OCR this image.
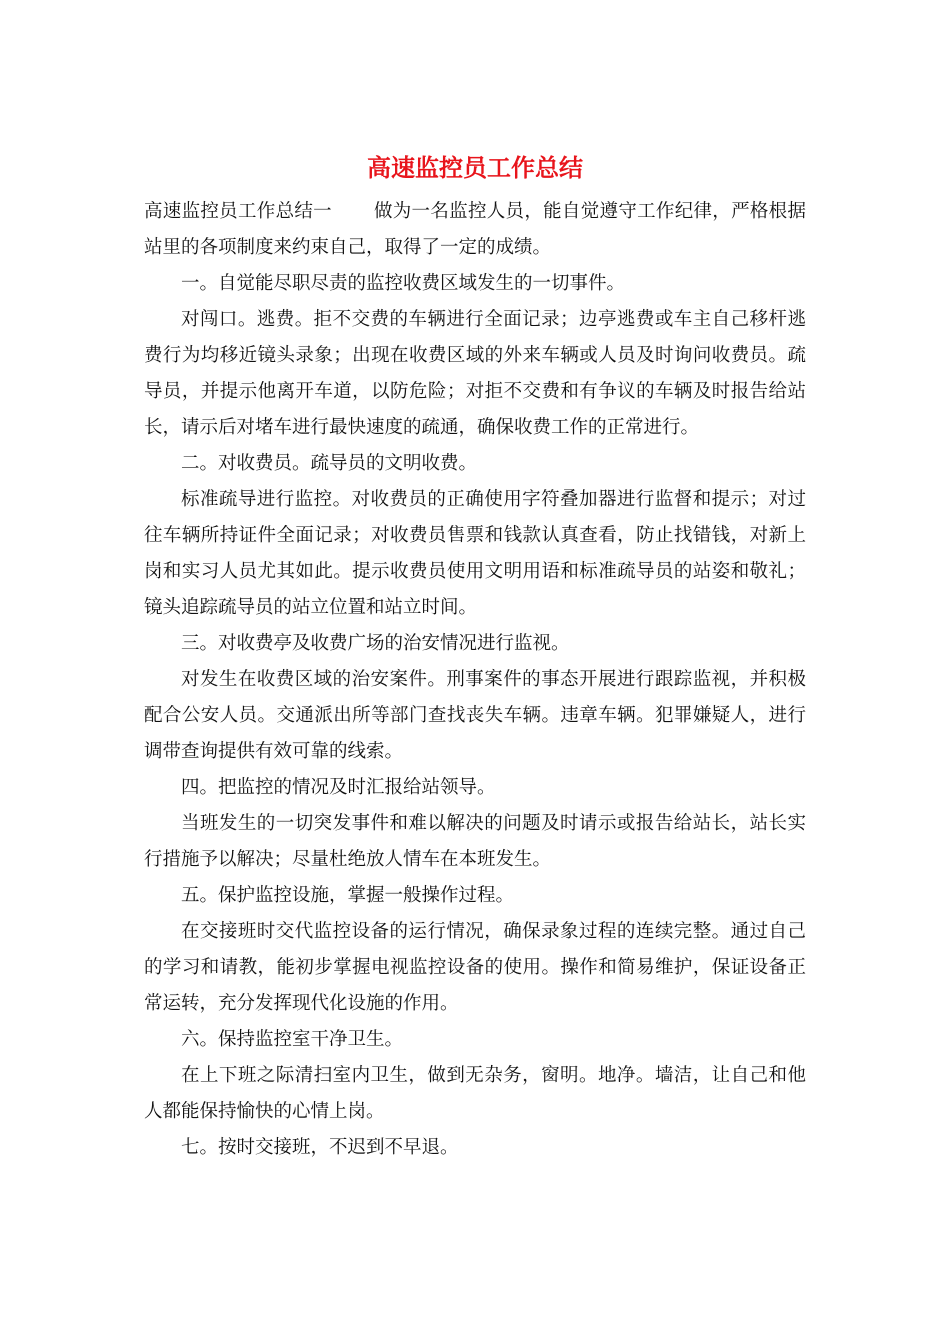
高速监控员工作总结

高速监控员工作总结一 做为一名监控人员，能自觉遵守工作纪律，严格根据站里的各项制度来约束自己，取得了一定的成绩。

一。自觉能尽职尽责的监控收费区域发生的一切事件。

对闯口。逃费。拒不交费的车辆进行全面记录；边亭逃费或车主自己移杆逃费行为均移近镜头录象；出现在收费区域的外来车辆或人员及时询问收费员。疏导员，并提示他离开车道，以防危险；对拒不交费和有争议的车辆及时报告给站长，请示后对堵车进行最快速度的疏通，确保收费工作的正常进行。

二。对收费员。疏导员的文明收费。

标准疏导进行监控。对收费员的正确使用字符叠加器进行监督和提示；对过往车辆所持证件全面记录；对收费员售票和钱款认真查看，防止找错钱，对新上岗和实习人员尤其如此。提示收费员使用文明用语和标准疏导员的站姿和敬礼；镜头追踪疏导员的站立位置和站立时间。

三。对收费亭及收费广场的治安情况进行监视。

对发生在收费区域的治安案件。刑事案件的事态开展进行跟踪监视，并积极配合公安人员。交通派出所等部门查找丧失车辆。违章车辆。犯罪嫌疑人，进行调带查询提供有效可靠的线索。

四。把监控的情况及时汇报给站领导。

当班发生的一切突发事件和难以解决的问题及时请示或报告给站长，站长实行措施予以解决；尽量杜绝放人情车在本班发生。

五。保护监控设施，掌握一般操作过程。

在交接班时交代监控设备的运行情况，确保录象过程的连续完整。通过自己的学习和请教，能初步掌握电视监控设备的使用。操作和简易维护，保证设备正常运转，充分发挥现代化设施的作用。

六。保持监控室干净卫生。

在上下班之际清扫室内卫生，做到无杂务，窗明。地净。墙洁，让自己和他人都能保持愉快的心情上岗。

七。按时交接班，不迟到不早退。
